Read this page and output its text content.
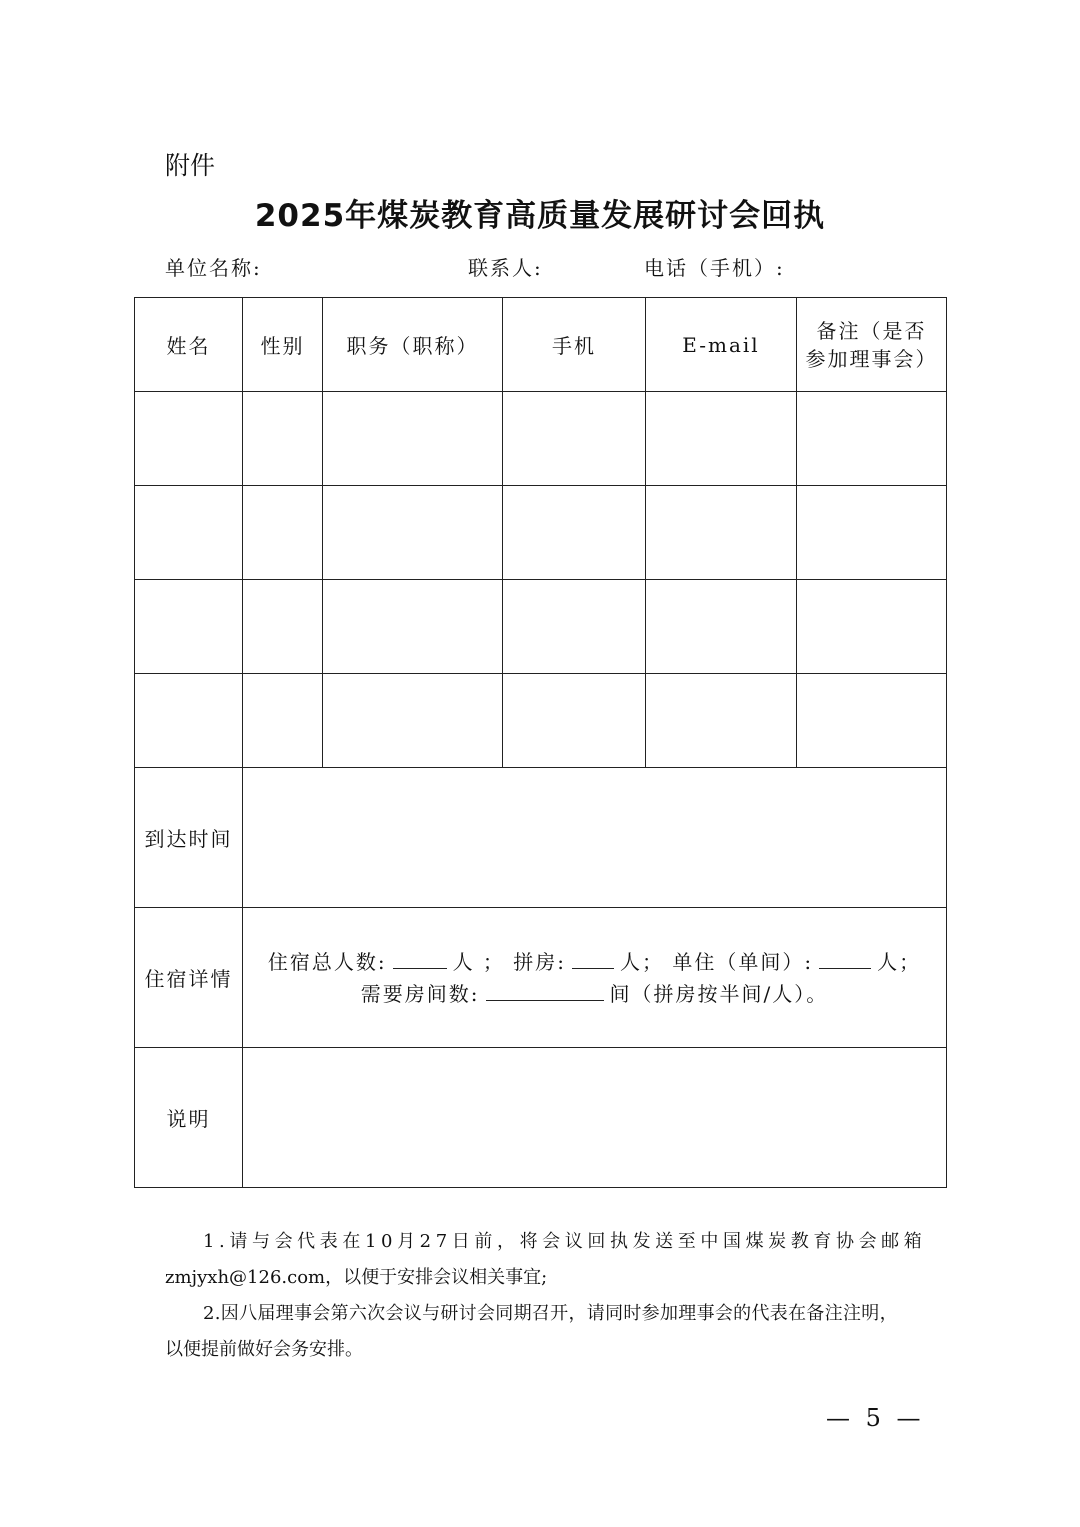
附件
2025年煤炭教育高质量发展研讨会回执
单位名称:	联系人:	电话（手机）:
姓名	性别	职务（职称）	手机	E-mail	备注（是否
参加理事会）

到达时间					
住宿详情	住宿总人数: 人 ； 拼房: 人； 单住（单间）: 人；
需要房间数: 间（拼房按半间/人）。				

说明					
1.请与会代表在10月27日前，将会议回执发送至中国煤炭教育协会邮箱
zmjyxh@126.com，以便于安排会议相关事宜;
2.因八届理事会第六次会议与研讨会同期召开，请同时参加理事会的代表在备注注明，
以便提前做好会务安排。
— 5 —
